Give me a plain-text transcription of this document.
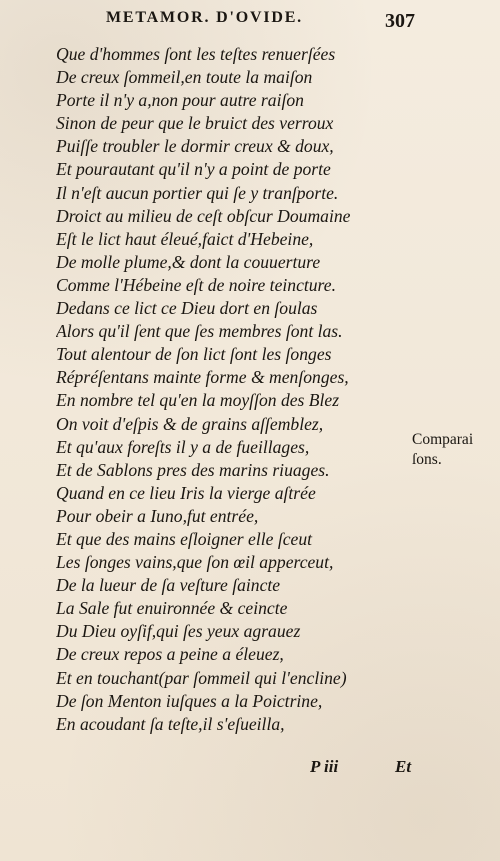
METAMOR. D'OVIDE.	307
Que d'hommes ſont les teſtes renuerſées
De creux ſommeil,en toute la maiſon
Porte il n'y a,non pour autre raiſon
Sinon de peur que le bruict des verroux
Puiſſe troubler le dormir creux & doux,
Et pourautant qu'il n'y a point de porte
Il n'eſt aucun portier qui ſe y tranſporte.
Droict au milieu de ceſt obſcur Doumaine
Eſt le lict haut éleué,faict d'Hebeine,
De molle plume,& dont la couuerture
Comme l'Hébeine eſt de noire teincture.
Dedans ce lict ce Dieu dort en ſoulas
Alors qu'il ſent que ſes membres ſont las.
Tout alentour de ſon lict ſont les ſonges
Répréſentans mainte forme & menſonges,
En nombre tel qu'en la moyſſon des Blez
On voit d'eſpis & de grains aſſemblez,
Et qu'aux foreſts il y a de fueillages,
Et de Sablons pres des marins riuages.
Quand en ce lieu Iris la vierge aſtrée
Pour obeir a Iuno,fut entrée,
Et que des mains eſloigner elle ſceut
Les ſonges vains,que ſon œil apperceut,
De la lueur de ſa veſture ſaincte
La Sale fut enuironnée & ceincte
Du Dieu oyſif,qui ſes yeux agrauez
De creux repos a peine a éleuez,
Et en touchant(par ſommeil qui l'encline)
De ſon Menton iuſques a la Poictrine,
En acoudant ſa teſte,il s'eſueilla,
Comparai
ſons.
P iii	Et
